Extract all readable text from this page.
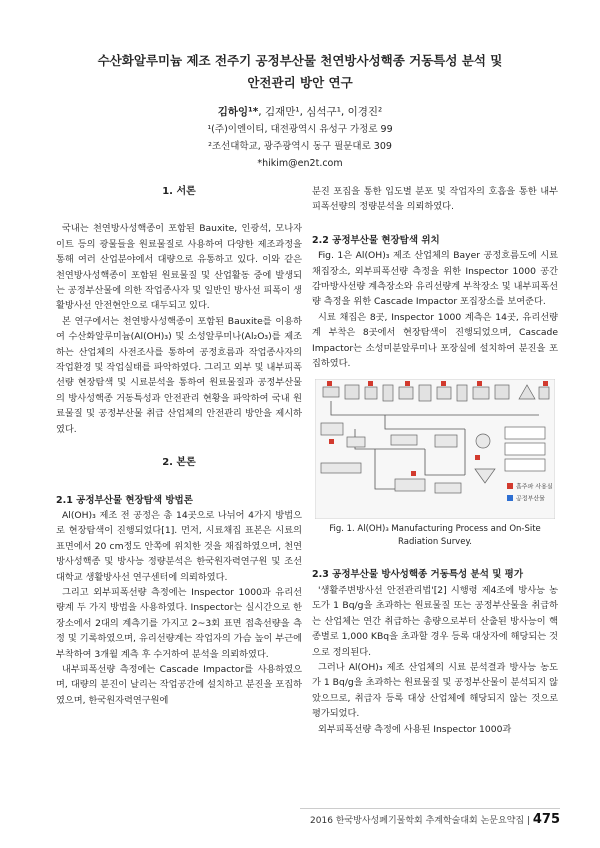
수산화알루미늄 제조 전주기 공정부산물 천연방사성핵종 거동특성 분석 및
안전관리 방안 연구
김하잉¹*, 김재만¹, 심석구¹, 이경진²
¹(주)이엔이티, 대전광역시 유성구 가정로 99
²조선대학교, 광주광역시 동구 필문대로 309
*hikim@en2t.com

1. 서론

국내는 천연방사성핵종이 포함된 Bauxite, 인광석, 모나자이트 등의 광물들을 원료물질로 사용하여 다양한 제조과정을 통해 여러 산업분야에서 대량으로 유통하고 있다. 이와 같은 천연방사성핵종이 포함된 원료물질 및 산업활동 중에 발생되는 공정부산물에 의한 작업종사자 및 일반인 방사선 피폭이 생활방사선 안전현안으로 대두되고 있다.

본 연구에서는 천연방사성핵종이 포함된 Bauxite를 이용하여 수산화알루미늄(Al(OH)₃) 및 소성알루미나(Al₂O₃)를 제조하는 산업체의 사전조사를 통하여 공정흐름과 작업종사자의 작업환경 및 작업실태를 파악하였다. 그리고 외부 및 내부피폭선량 현장탐색 및 시료분석을 통하여 원료물질과 공정부산물의 방사성핵종 거동특성과 안전관리 현황을 파악하여 국내 원료물질 및 공정부산물 취급 산업체의 안전관리 방안을 제시하였다.

2. 본론

2.1 공정부산물 현장탐색 방법론

Al(OH)₃ 제조 전 공정은 총 14곳으로 나뉘어 4가지 방법으로 현장탐색이 진행되었다[1]. 먼저, 시료채집 표본은 시료의 표면에서 20 cm정도 안쪽에 위치한 것을 채집하였으며, 천연방사성핵종 및 방사능 정량분석은 한국원자력연구원 및 조선대학교 생활방사선 연구센터에 의뢰하였다.

그리고 외부피폭선량 측정에는 Inspector 1000과 유리선량계 두 가지 방법을 사용하였다. Inspector는 실시간으로 한 장소에서 2대의 계측기를 가지고 2~3회 표면 접촉선량을 측정 및 기록하였으며, 유리선량계는 작업자의 가슴 높이 부근에 부착하여 3개월 계측 후 수거하여 분석을 의뢰하였다.

내부피폭선량 측정에는 Cascade Impactor를 사용하였으며, 대량의 분진이 날리는 작업공간에 설치하고 분진을 포집하였으며, 한국원자력연구원에

분진 포집을 통한 입도별 분포 및 작업자의 호흡을 통한 내부피폭선량의 정량분석을 의뢰하였다.

2.2 공정부산물 현장탐색 위치

Fig. 1은 Al(OH)₃ 제조 산업체의 Bayer 공정흐름도에 시료 채집장소, 외부피폭선량 측정을 위한 Inspector 1000 공간감마방사선량 계측장소와 유리선량계 부착장소 및 내부피폭선량 측정을 위한 Cascade Impactor 포집장소를 보여준다.

시료 채집은 8곳, Inspector 1000 계측은 14곳, 유리선량계 부착은 8곳에서 현장탐색이 진행되었으며, Cascade Impactor는 소성미분알루미나 포장실에 설치하여 분진을 포집하였다.

흡주파 사용실
공정부산물

Fig. 1. Al(OH)₃ Manufacturing Process and On-Site Radiation Survey.

2.3 공정부산물 방사성핵종 거동특성 분석 및 평가

'생활주변방사선 안전관리법'[2] 시행령 제4조에 방사능 농도가 1 Bq/g을 초과하는 원료물질 또는 공정부산물을 취급하는 산업체는 연간 취급하는 총량으로부터 산출된 방사능이 핵종별로 1,000 KBq을 초과할 경우 등록 대상자에 해당되는 것으로 정의된다.

그러나 Al(OH)₃ 제조 산업체의 시료 분석결과 방사능 농도가 1 Bq/g을 초과하는 원료물질 및 공정부산물이 분석되지 않았으므로, 취급자 등록 대상 산업체에 해당되지 않는 것으로 평가되었다.

외부피폭선량 측정에 사용된 Inspector 1000과

2016 한국방사성폐기물학회 추계학술대회 논문요약집 | 475
